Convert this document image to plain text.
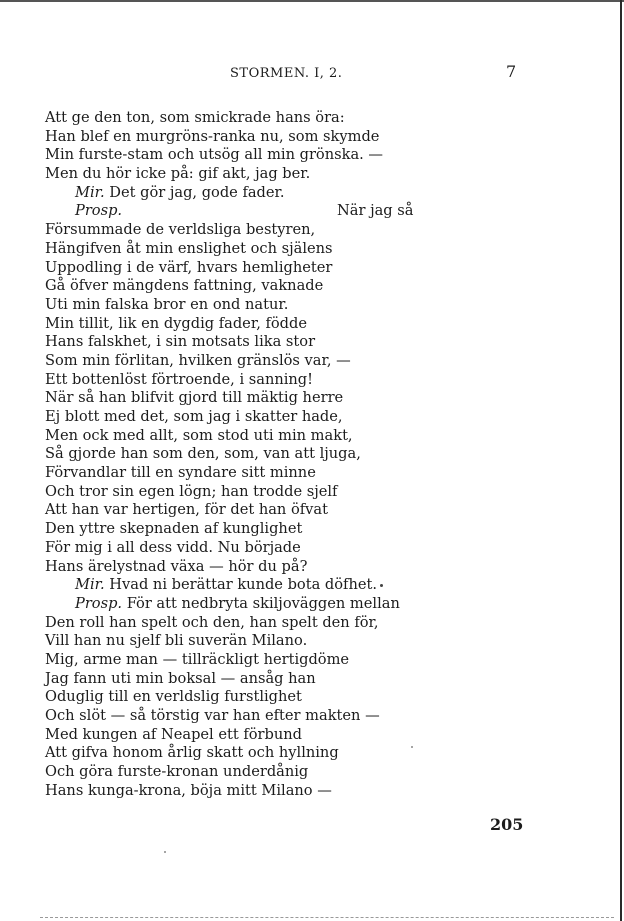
STORMEN. I, 2.	7
Att ge den ton, som smickrade hans öra:
Han blef en murgröns-ranka nu, som skymde
Min furste-stam och utsög all min grönska. —
Men du hör icke på: gif akt, jag ber.
Mir. Det gör jag, gode fader.
Prosp.	När jag så
Försummade de verldsliga bestyren,
Hängifven åt min enslighet och själens
Uppodling i de värf, hvars hemligheter
Gå öfver mängdens fattning, vaknade
Uti min falska bror en ond natur.
Min tillit, lik en dygdig fader, födde
Hans falskhet, i sin motsats lika stor
Som min förlitan, hvilken gränslös var, —
Ett bottenlöst förtroende, i sanning!
När så han blifvit gjord till mäktig herre
Ej blott med det, som jag i skatter hade,
Men ock med allt, som stod uti min makt,
Så gjorde han som den, som, van att ljuga,
Förvandlar till en syndare sitt minne
Och tror sin egen lögn; han trodde sjelf
Att han var hertigen, för det han öfvat
Den yttre skepnaden af kunglighet
För mig i all dess vidd. Nu började
Hans ärelystnad växa — hör du på?
Mir. Hvad ni berättar kunde bota döfhet.
Prosp. För att nedbryta skiljoväggen mellan
Den roll han spelt och den, han spelt den för,
Vill han nu sjelf bli suverän Milano.
Mig, arme man — tillräckligt hertigdöme
Jag fann uti min boksal — ansåg han
Oduglig till en verldslig furstlighet
Och slöt — så törstig var han efter makten —
Med kungen af Neapel ett förbund
Att gifva honom årlig skatt och hyllning
Och göra furste-kronan underdånig
Hans kunga-krona, böja mitt Milano —
205
